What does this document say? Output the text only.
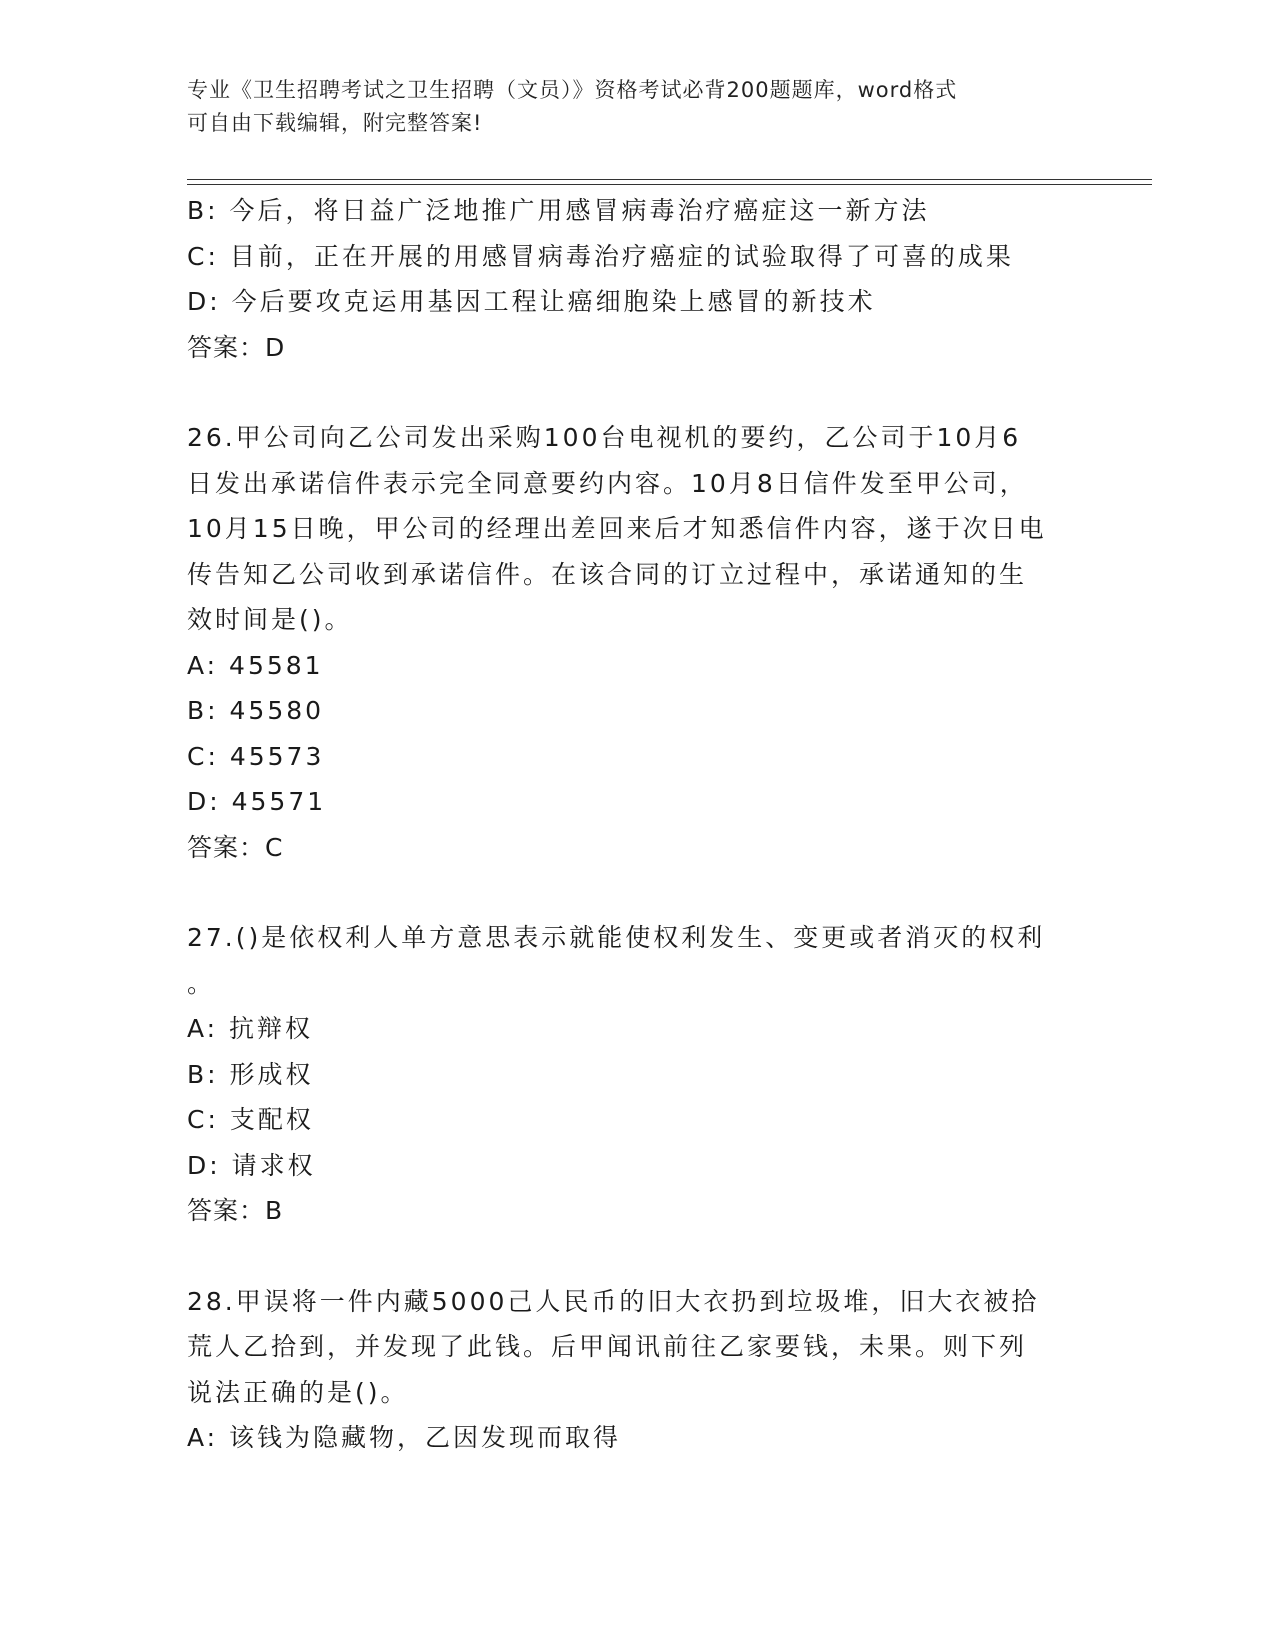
专业《卫生招聘考试之卫生招聘（文员）》资格考试必背200题题库，word格式
可自由下载编辑，附完整答案!
B: 今后，将日益广泛地推广用感冒病毒治疗癌症这一新方法
C: 目前，正在开展的用感冒病毒治疗癌症的试验取得了可喜的成果
D: 今后要攻克运用基因工程让癌细胞染上感冒的新技术
答案：D
26.甲公司向乙公司发出采购100台电视机的要约，乙公司于10月6
日发出承诺信件表示完全同意要约内容。10月8日信件发至甲公司，
10月15日晚，甲公司的经理出差回来后才知悉信件内容，遂于次日电
传告知乙公司收到承诺信件。在该合同的订立过程中，承诺通知的生
效时间是()。
A: 45581
B: 45580
C: 45573
D: 45571
答案：C
27.()是依权利人单方意思表示就能使权利发生、变更或者消灭的权利
。
A: 抗辩权
B: 形成权
C: 支配权
D: 请求权
答案：B
28.甲误将一件内藏5000己人民币的旧大衣扔到垃圾堆，旧大衣被拾
荒人乙拾到，并发现了此钱。后甲闻讯前往乙家要钱，未果。则下列
说法正确的是()。
A: 该钱为隐藏物，乙因发现而取得
